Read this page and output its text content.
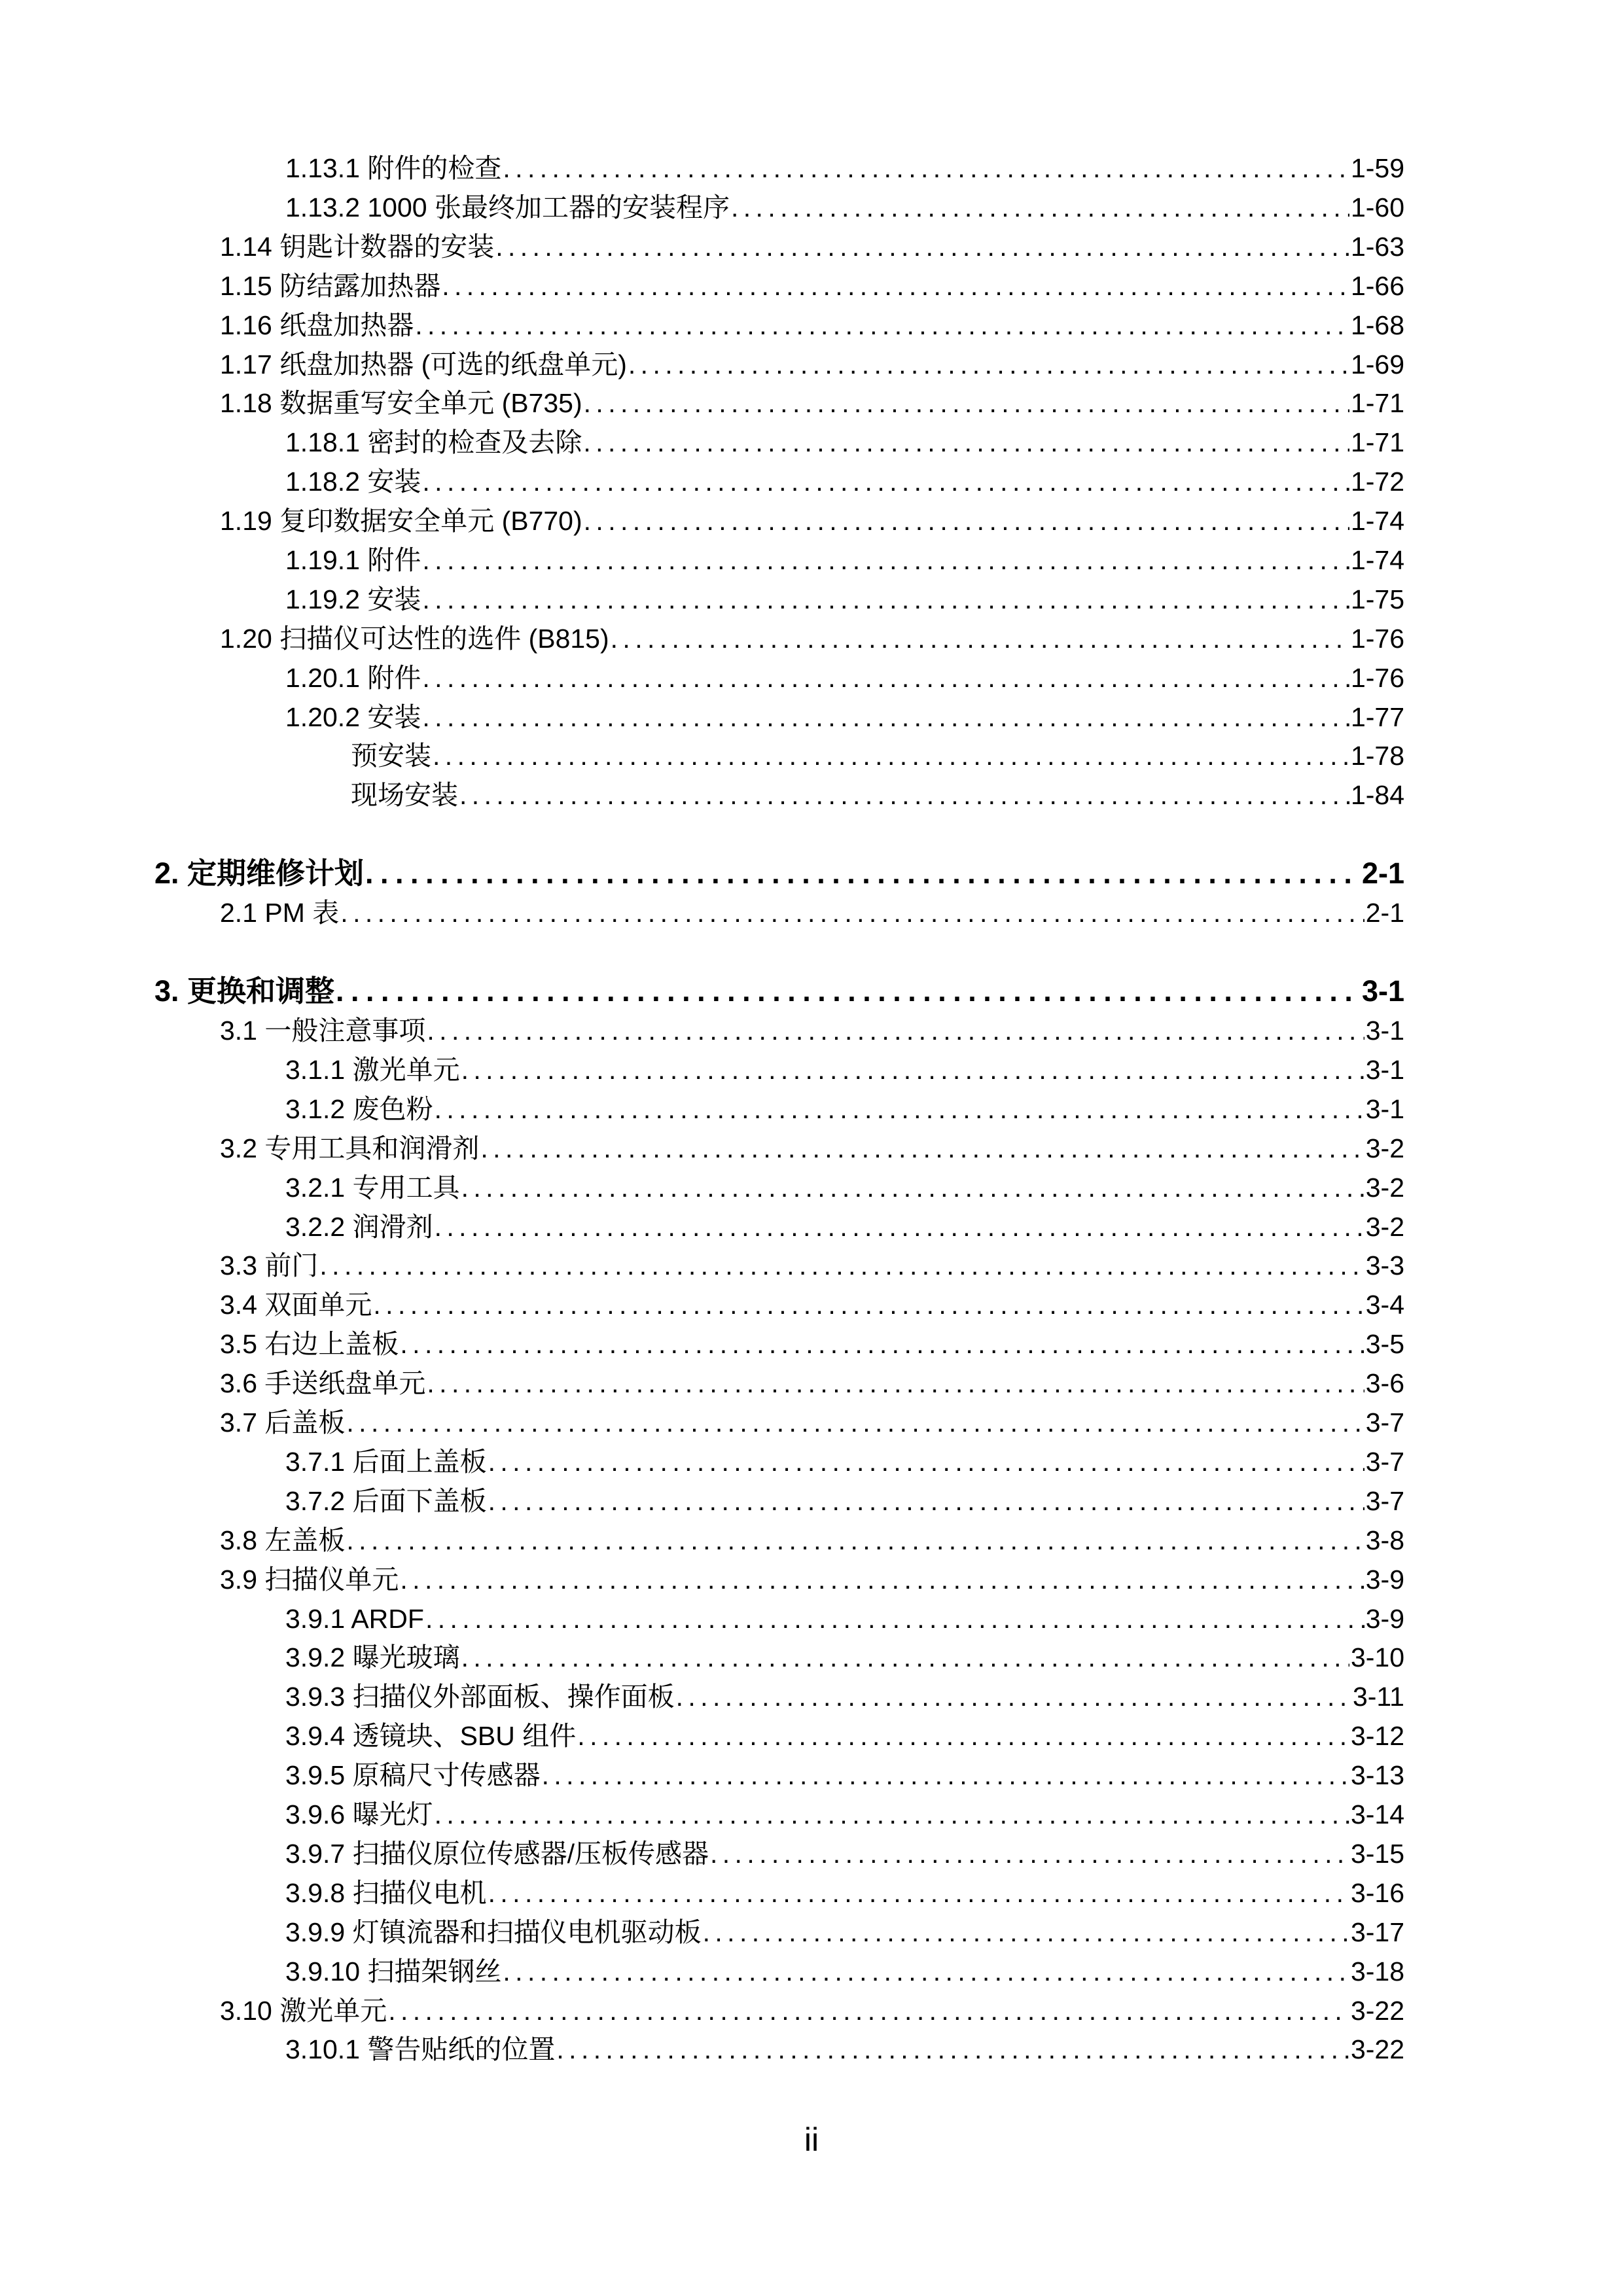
1.13.1 附件的检查 . . .	1-59
1.13.2 1000 张最终加工器的安装程序 . . .	1-60
1.14 钥匙计数器的安装 . . .	1-63
1.15 防结露加热器 . . .	1-66
1.16 纸盘加热器 . . .	1-68
1.17 纸盘加热器 (可选的纸盘单元) . . .	1-69
1.18 数据重写安全单元 (B735) . . .	1-71
1.18.1 密封的检查及去除 . . .	1-71
1.18.2 安装 . . .	1-72
1.19 复印数据安全单元 (B770) . . .	1-74
1.19.1 附件 . . .	1-74
1.19.2 安装 . . .	1-75
1.20 扫描仪可达性的选件 (B815) . . .	1-76
1.20.1 附件 . . .	1-76
1.20.2 安装 . . .	1-77
预安装 . . .	1-78
现场安装 . . .	1-84
2. 定期维修计划 . . .	2-1
2.1 PM 表 . . .	2-1
3. 更换和调整 . . .	3-1
3.1 一般注意事项 . . .	3-1
3.1.1 激光单元 . . .	3-1
3.1.2 废色粉 . . .	3-1
3.2 专用工具和润滑剂 . . .	3-2
3.2.1 专用工具 . . .	3-2
3.2.2 润滑剂 . . .	3-2
3.3 前门 . . .	3-3
3.4 双面单元 . . .	3-4
3.5 右边上盖板 . . .	3-5
3.6 手送纸盘单元 . . .	3-6
3.7 后盖板 . . .	3-7
3.7.1 后面上盖板 . . .	3-7
3.7.2 后面下盖板 . . .	3-7
3.8 左盖板 . . .	3-8
3.9 扫描仪单元 . . .	3-9
3.9.1 ARDF . . .	3-9
3.9.2 曝光玻璃 . . .	3-10
3.9.3 扫描仪外部面板、操作面板 . . .	3-11
3.9.4 透镜块、SBU 组件 . . .	3-12
3.9.5 原稿尺寸传感器 . . .	3-13
3.9.6 曝光灯 . . .	3-14
3.9.7 扫描仪原位传感器/压板传感器 . . .	3-15
3.9.8 扫描仪电机 . . .	3-16
3.9.9 灯镇流器和扫描仪电机驱动板 . . .	3-17
3.9.10 扫描架钢丝 . . .	3-18
3.10 激光单元 . . .	3-22
3.10.1 警告贴纸的位置 . . .	3-22
ii
